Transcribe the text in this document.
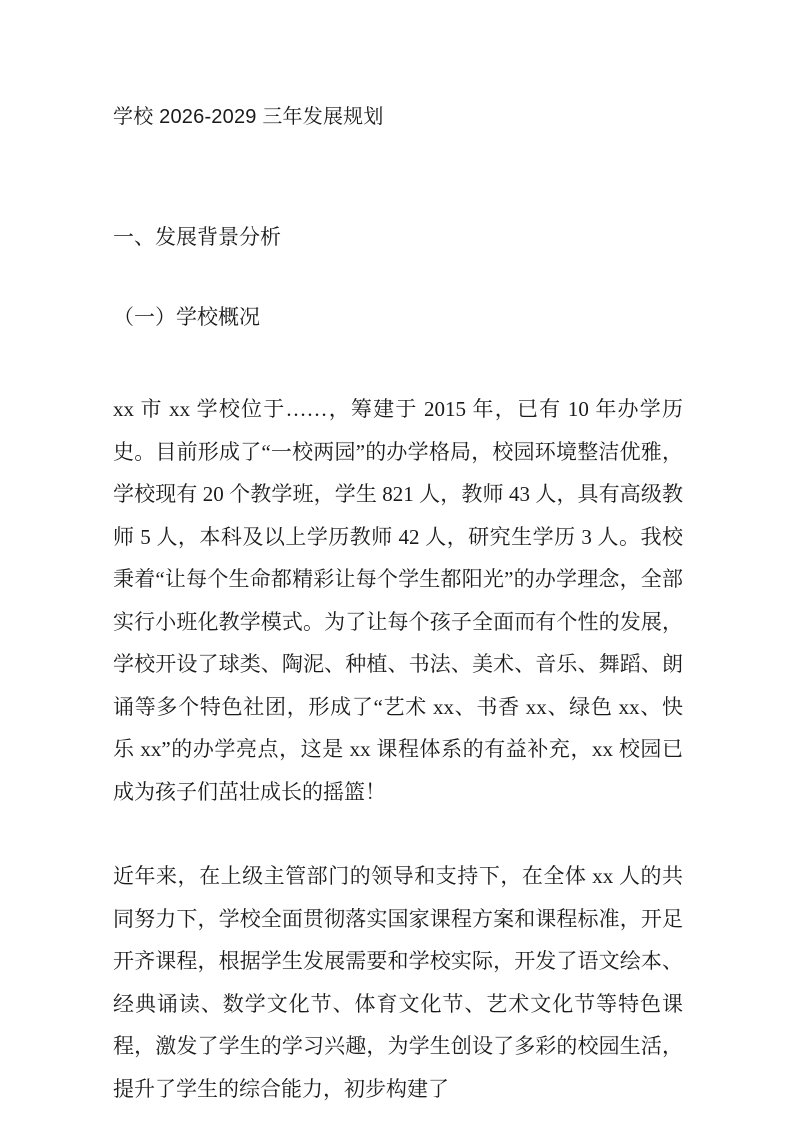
学校 2026-2029 三年发展规划
一、发展背景分析
（一）学校概况

xx 市 xx 学校位于……，筹建于 2015 年，已有 10 年办学历史。目前形成了“一校两园”的办学格局，校园环境整洁优雅，学校现有 20 个教学班，学生 821 人，教师 43 人，具有高级教师 5 人，本科及以上学历教师 42 人，研究生学历 3 人。我校秉着“让每个生命都精彩让每个学生都阳光”的办学理念，全部实行小班化教学模式。为了让每个孩子全面而有个性的发展，学校开设了球类、陶泥、种植、书法、美术、音乐、舞蹈、朗诵等多个特色社团，形成了“艺术 xx、书香 xx、绿色 xx、快乐 xx”的办学亮点，这是 xx 课程体系的有益补充，xx 校园已成为孩子们茁壮成长的摇篮！

近年来，在上级主管部门的领导和支持下，在全体 xx 人的共同努力下，学校全面贯彻落实国家课程方案和课程标准，开足开齐课程，根据学生发展需要和学校实际，开发了语文绘本、经典诵读、数学文化节、体育文化节、艺术文化节等特色课程，激发了学生的学习兴趣，为学生创设了多彩的校园生活，提升了学生的综合能力，初步构建了
